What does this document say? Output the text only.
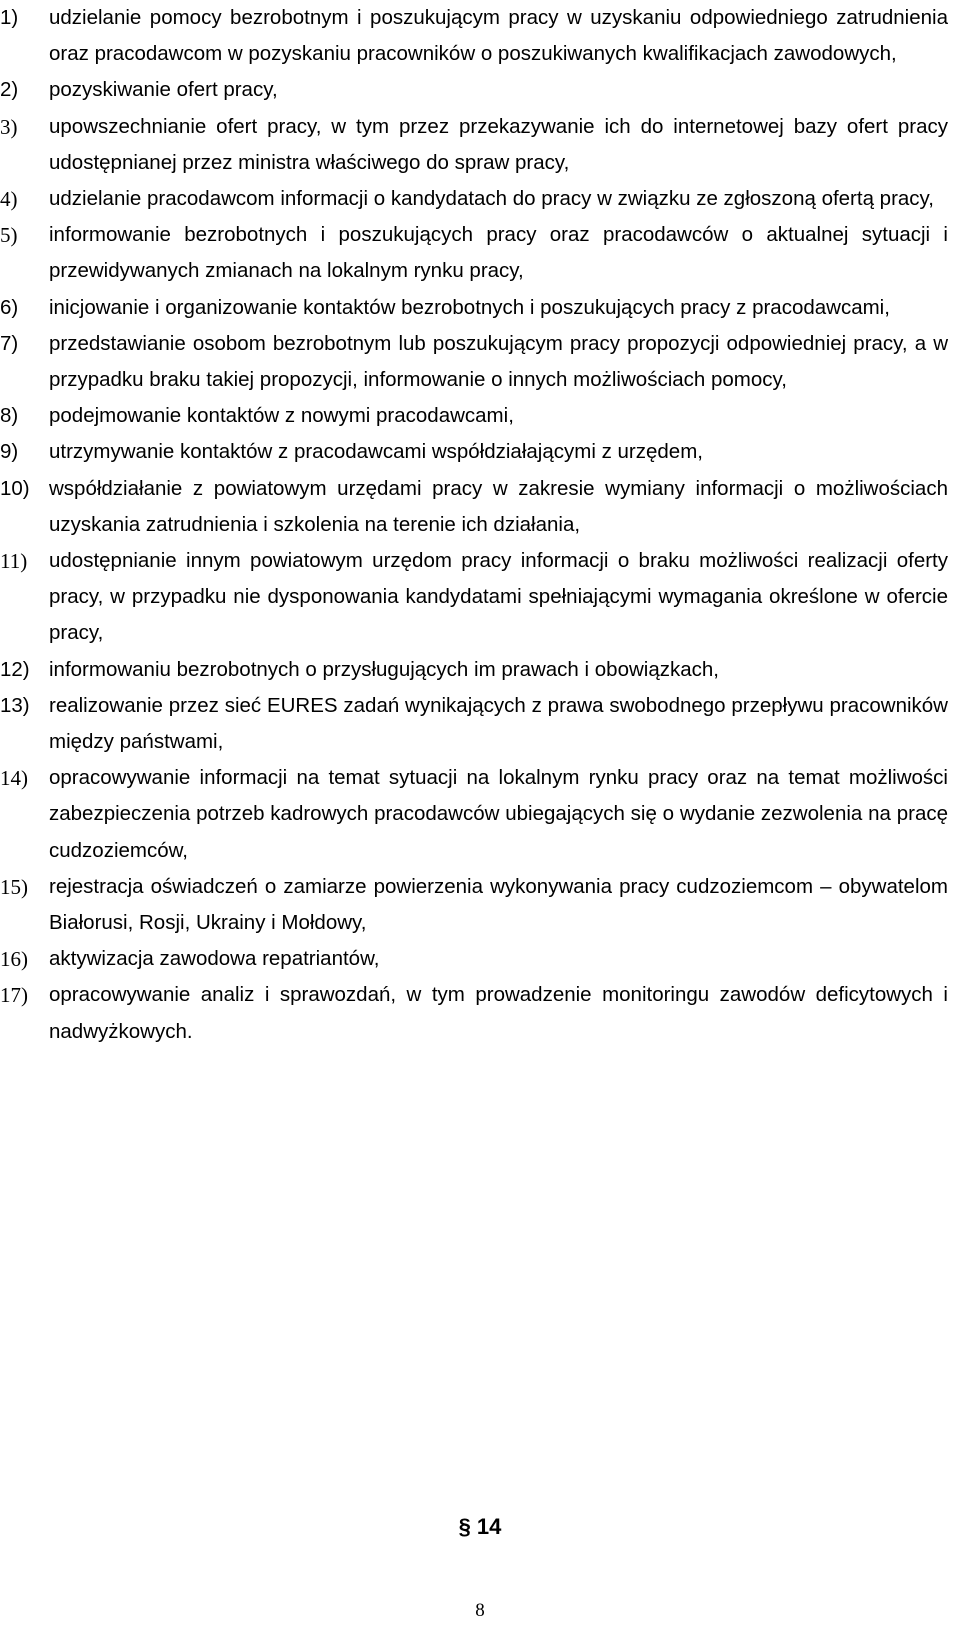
1) udzielanie pomocy bezrobotnym i poszukującym pracy w uzyskaniu odpowiedniego zatrudnienia oraz pracodawcom w pozyskaniu pracowników o poszukiwanych kwalifikacjach zawodowych,
2) pozyskiwanie ofert pracy,
3) upowszechnianie ofert pracy, w tym przez przekazywanie ich do internetowej bazy ofert pracy udostępnianej przez ministra właściwego do spraw pracy,
4) udzielanie pracodawcom informacji o kandydatach do pracy w związku ze zgłoszoną ofertą pracy,
5) informowanie bezrobotnych i poszukujących pracy oraz pracodawców o aktualnej sytuacji i przewidywanych zmianach na lokalnym rynku pracy,
6) inicjowanie i organizowanie kontaktów bezrobotnych i poszukujących pracy z pracodawcami,
7) przedstawianie osobom bezrobotnym lub poszukującym pracy propozycji odpowiedniej pracy, a w przypadku braku takiej propozycji, informowanie o innych możliwościach pomocy,
8) podejmowanie kontaktów z nowymi pracodawcami,
9) utrzymywanie kontaktów z pracodawcami współdziałającymi z urzędem,
10) współdziałanie z powiatowym urzędami pracy w zakresie wymiany informacji o możliwościach uzyskania zatrudnienia i szkolenia na terenie ich działania,
11) udostępnianie innym powiatowym urzędom pracy informacji o braku możliwości realizacji oferty pracy, w przypadku nie dysponowania kandydatami spełniającymi wymagania określone w ofercie pracy,
12) informowaniu bezrobotnych o przysługujących im prawach i obowiązkach,
13) realizowanie przez sieć EURES zadań wynikających z prawa swobodnego przepływu pracowników między państwami,
14) opracowywanie informacji na temat sytuacji na lokalnym rynku pracy oraz na temat możliwości zabezpieczenia potrzeb kadrowych pracodawców ubiegających się o wydanie zezwolenia na pracę cudzoziemców,
15) rejestracja oświadczeń o zamiarze powierzenia wykonywania pracy cudzoziemcom – obywatelom Białorusi, Rosji, Ukrainy i Mołdowy,
16) aktywizacja zawodowa repatriantów,
17) opracowywanie analiz i sprawozdań, w tym prowadzenie monitoringu zawodów deficytowych i nadwyżkowych.
§ 14
8
